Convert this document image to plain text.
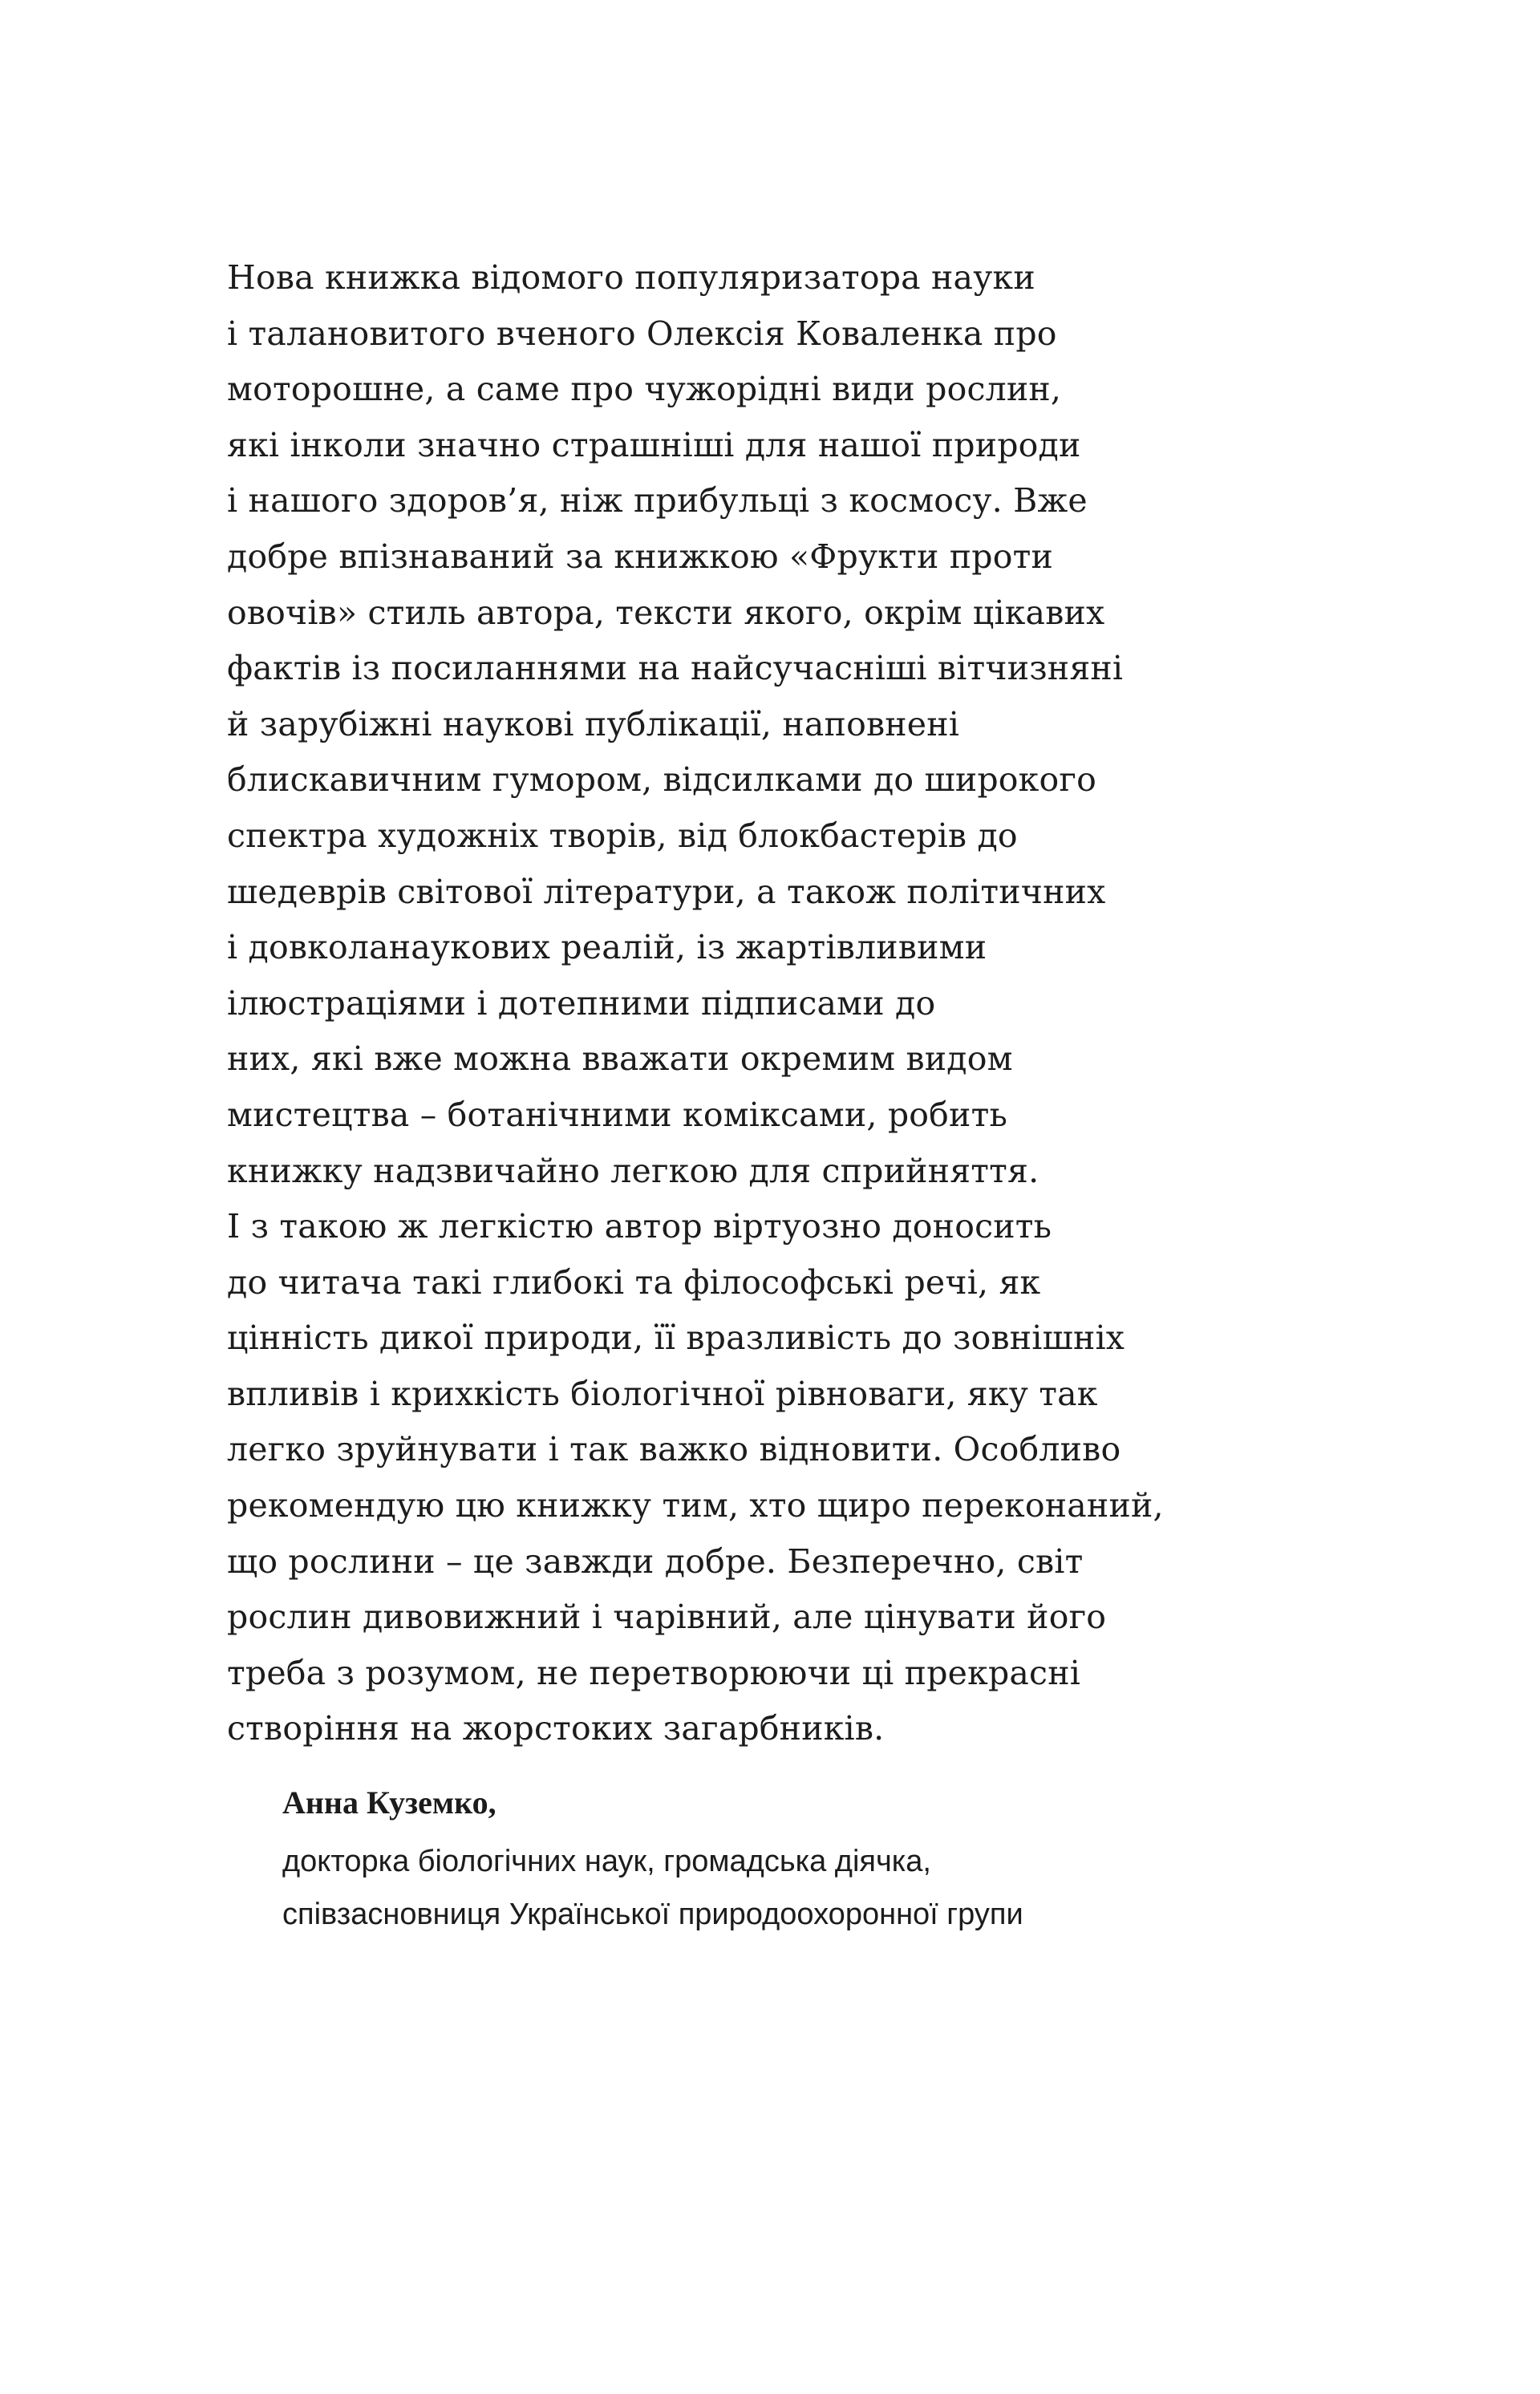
Нова книжка відомого популяризатора науки
і талановитого вченого Олексія Коваленка про
моторошне, а саме про чужорідні види рослин,
які інколи значно страшніші для нашої природи
і нашого здоров’я, ніж прибульці з космосу. Вже
добре впізнаваний за книжкою «Фрукти проти
овочів» стиль автора, тексти якого, окрім цікавих
фактів із посиланнями на найсучасніші вітчизняні
й зарубіжні наукові публікації, наповнені
блискавичним гумором, відсилками до широкого
спектра художніх творів, від блокбастерів до
шедеврів світової літератури, а також політичних
і довколанаукових реалій, із жартівливими
ілюстраціями і дотепними підписами до
них, які вже можна вважати окремим видом
мистецтва – ботанічними коміксами, робить
книжку надзвичайно легкою для сприйняття.
І з такою ж легкістю автор віртуозно доносить
до читача такі глибокі та філософські речі, як
цінність дикої природи, її вразливість до зовнішніх
впливів і крихкість біологічної рівноваги, яку так
легко зруйнувати і так важко відновити. Особливо
рекомендую цю книжку тим, хто щиро переконаний,
що рослини – це завжди добре. Безперечно, світ
рослин дивовижний і чарівний, але цінувати його
треба з розумом, не перетворюючи ці прекрасні
створіння на жорстоких загарбників.

Анна Куземко,
докторка біологічних наук, громадська діячка,
співзасновниця Української природоохоронної групи
